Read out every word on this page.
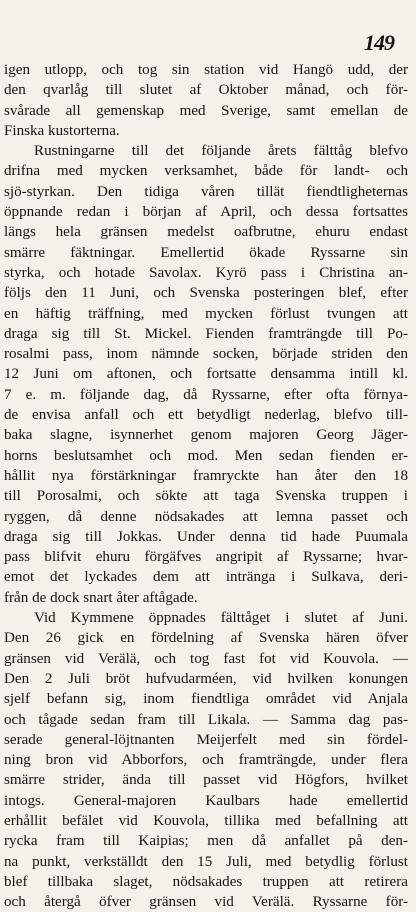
149
igen utlopp, och tog sin station vid Hangö udd, der
den qvarlåg till slutet af Oktober månad, och för-
svårade all gemenskap med Sverige, samt emellan de
Finska kustorterna.
Rustningarne till det följande årets fälttåg blefvo
drifna med mycken verksamhet, både för landt- och
sjö-styrkan. Den tidiga våren tillät fiendtligheternas
öppnande redan i början af April, och dessa fortsattes
längs hela gränsen medelst oafbrutne, ehuru endast
smärre fäktningar. Emellertid ökade Ryssarne sin
styrka, och hotade Savolax. Kyrö pass i Christina an-
följs den 11 Juni, och Svenska posteringen blef, efter
en häftig träffning, med mycken förlust tvungen att
draga sig till St. Mickel. Fienden framträngde till Po-
rosalmi pass, inom nämnde socken, började striden den
12 Juni om aftonen, och fortsatte densamma intill kl.
7 e. m. följande dag, då Ryssarne, efter ofta förnya-
de envisa anfall och ett betydligt nederlag, blefvo till-
baka slagne, isynnerhet genom majoren Georg Jäger-
horns beslutsamhet och mod. Men sedan fienden er-
hållit nya förstärkningar framryckte han åter den 18
till Porosalmi, och sökte att taga Svenska truppen i
ryggen, då denne nödsakades att lemna passet och
draga sig till Jokkas. Under denna tid hade Puumala
pass blifvit ehuru förgäfves angripit af Ryssarne; hvar-
emot det lyckades dem att intränga i Sulkava, deri-
från de dock snart åter aftågade.
Vid Kymmene öppnades fälttåget i slutet af Juni.
Den 26 gick en fördelning af Svenska hären öfver
gränsen vid Verälä, och tog fast fot vid Kouvola. —
Den 2 Juli bröt hufvudarméen, vid hvilken konungen
sjelf befann sig, inom fiendtliga området vid Anjala
och tågade sedan fram till Likala. — Samma dag pas-
serade general-löjtnanten Meijerfelt med sin fördel-
ning bron vid Abborfors, och framträngde, under flera
smärre strider, ända till passet vid Högfors, hvilket
intogs. General-majoren Kaulbars hade emellertid
erhållit befälet vid Kouvola, tillika med befallning att
rycka fram till Kaipias; men då anfallet på den-
na punkt, verkställdt den 15 Juli, med betydlig förlust
blef tillbaka slaget, nödsakades truppen att retirera
och återgå öfver gränsen vid Verälä. Ryssarne för-
